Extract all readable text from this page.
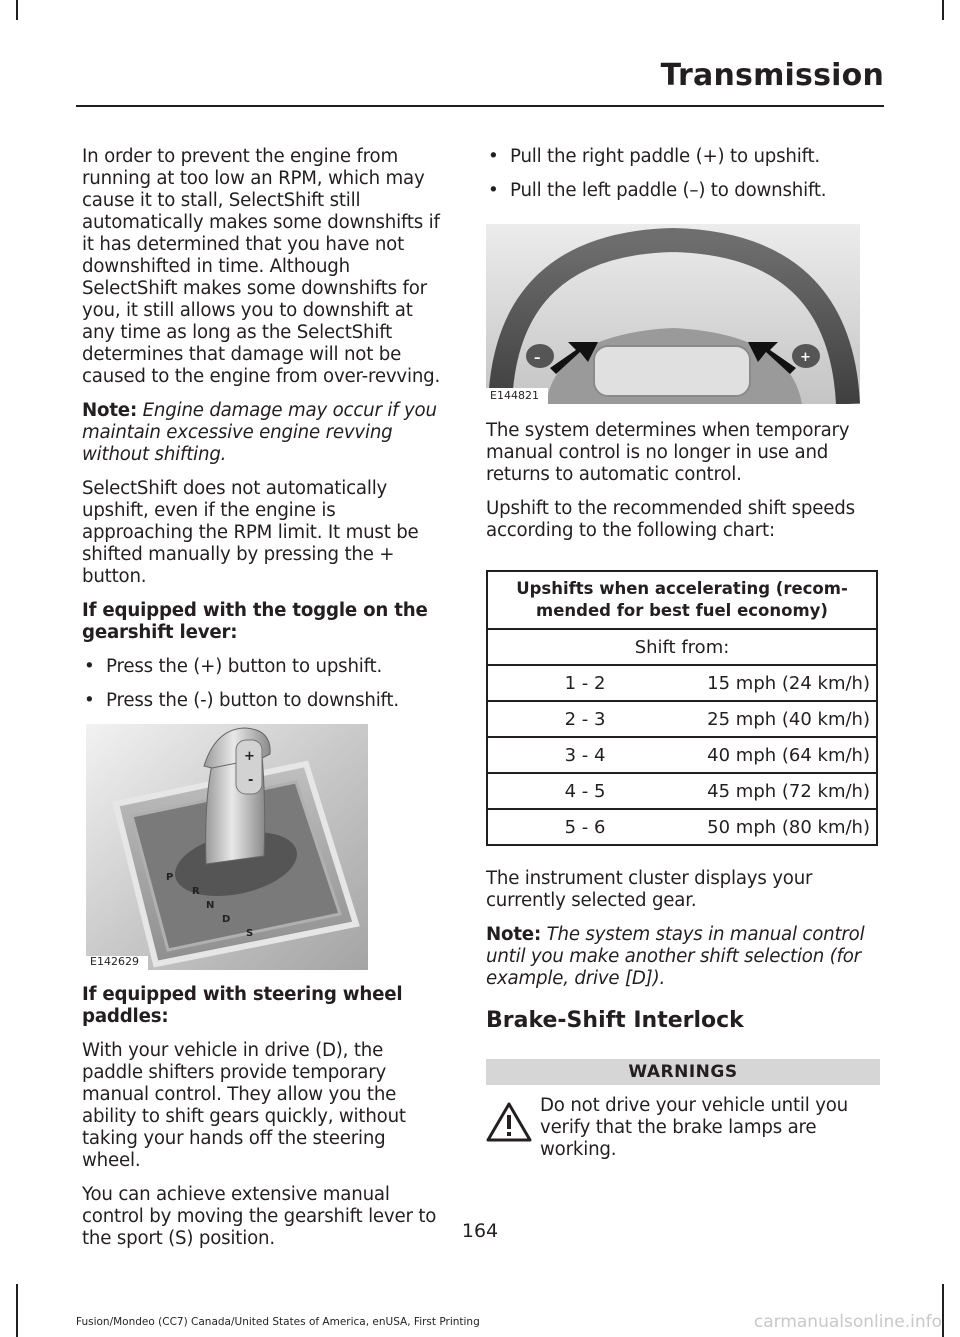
Transmission

In order to prevent the engine from running at too low an RPM, which may cause it to stall, SelectShift still automatically makes some downshifts if it has determined that you have not downshifted in time. Although SelectShift makes some downshifts for you, it still allows you to downshift at any time as long as the SelectShift determines that damage will not be caused to the engine from over-revving.

Note: Engine damage may occur if you maintain excessive engine revving without shifting.

SelectShift does not automatically upshift, even if the engine is approaching the RPM limit. It must be shifted manually by pressing the + button.

If equipped with the toggle on the gearshift lever:
• Press the (+) button to upshift.
• Press the (-) button to downshift.
+
-
P
R
N
D
S
E142629
If equipped with steering wheel paddles:

With your vehicle in drive (D), the paddle shifters provide temporary manual control. They allow you the ability to shift gears quickly, without taking your hands off the steering wheel.

You can achieve extensive manual control by moving the gearshift lever to the sport (S) position.

• Pull the right paddle (+) to upshift.
• Pull the left paddle (–) to downshift.
–	+
E144821

The system determines when temporary manual control is no longer in use and returns to automatic control.

Upshift to the recommended shift speeds according to the following chart:

Upshifts when accelerating (recom-mended for best fuel economy)	
Shift from:	
1 - 2	15 mph (24 km/h)
2 - 3	25 mph (40 km/h)
3 - 4	40 mph (64 km/h)
4 - 5	45 mph (72 km/h)
5 - 6	50 mph (80 km/h)

The instrument cluster displays your currently selected gear.

Note: The system stays in manual control until you make another shift selection (for example, drive [D]).

Brake-Shift Interlock
WARNINGS

Do not drive your vehicle until you verify that the brake lamps are working.

164
Fusion/Mondeo (CC7) Canada/United States of America, enUSA, First Printing	carmanualsonline.info
